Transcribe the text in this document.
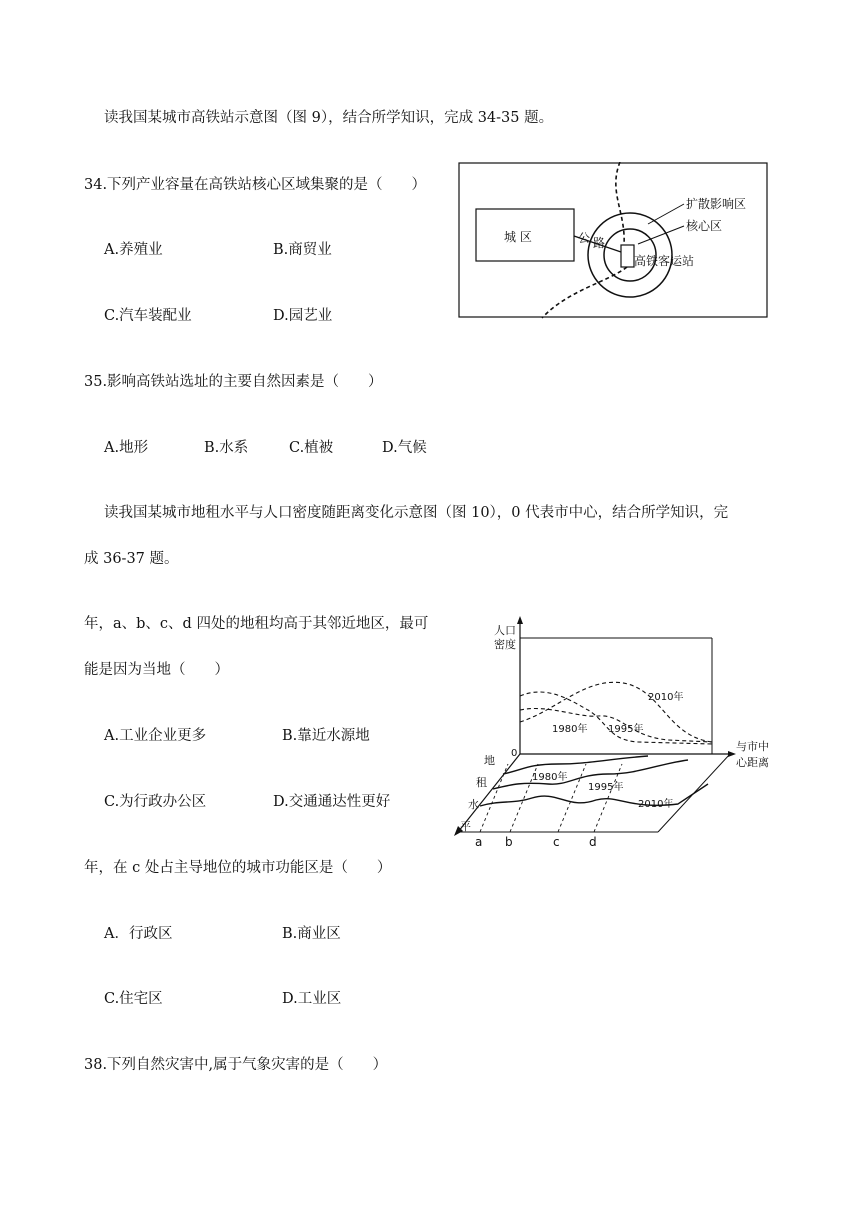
读我国某城市高铁站示意图（图 9），结合所学知识，完成 34-35 题。
34.下列产业容量在高铁站核心区域集聚的是（　　）
A.养殖业	B.商贸业
C.汽车装配业	D.园艺业
城 区	公 路
扩散影响区
核心区
高铁客运站
35.影响高铁站选址的主要自然因素是（　　）
A.地形	B.水系	C.植被	D.气候
读我国某城市地租水平与人口密度随距离变化示意图（图 10），0 代表市中心，结合所学知识，完
成 36-37 题。
年，a、b、c、d 四处的地租均高于其邻近地区，最可
能是因为当地（　　）
A.工业企业更多	B.靠近水源地
C.为行政办公区	D.交通通达性更好
人口
密度
2010年
1980年 1995年
与市中
心距离
0
地
租
水
平
1980年
1995年
2010年
a b	c d
年，在 c 处占主导地位的城市功能区是（　　）
A．行政区	B.商业区
C.住宅区	D.工业区
38.下列自然灾害中,属于气象灾害的是（　　）
